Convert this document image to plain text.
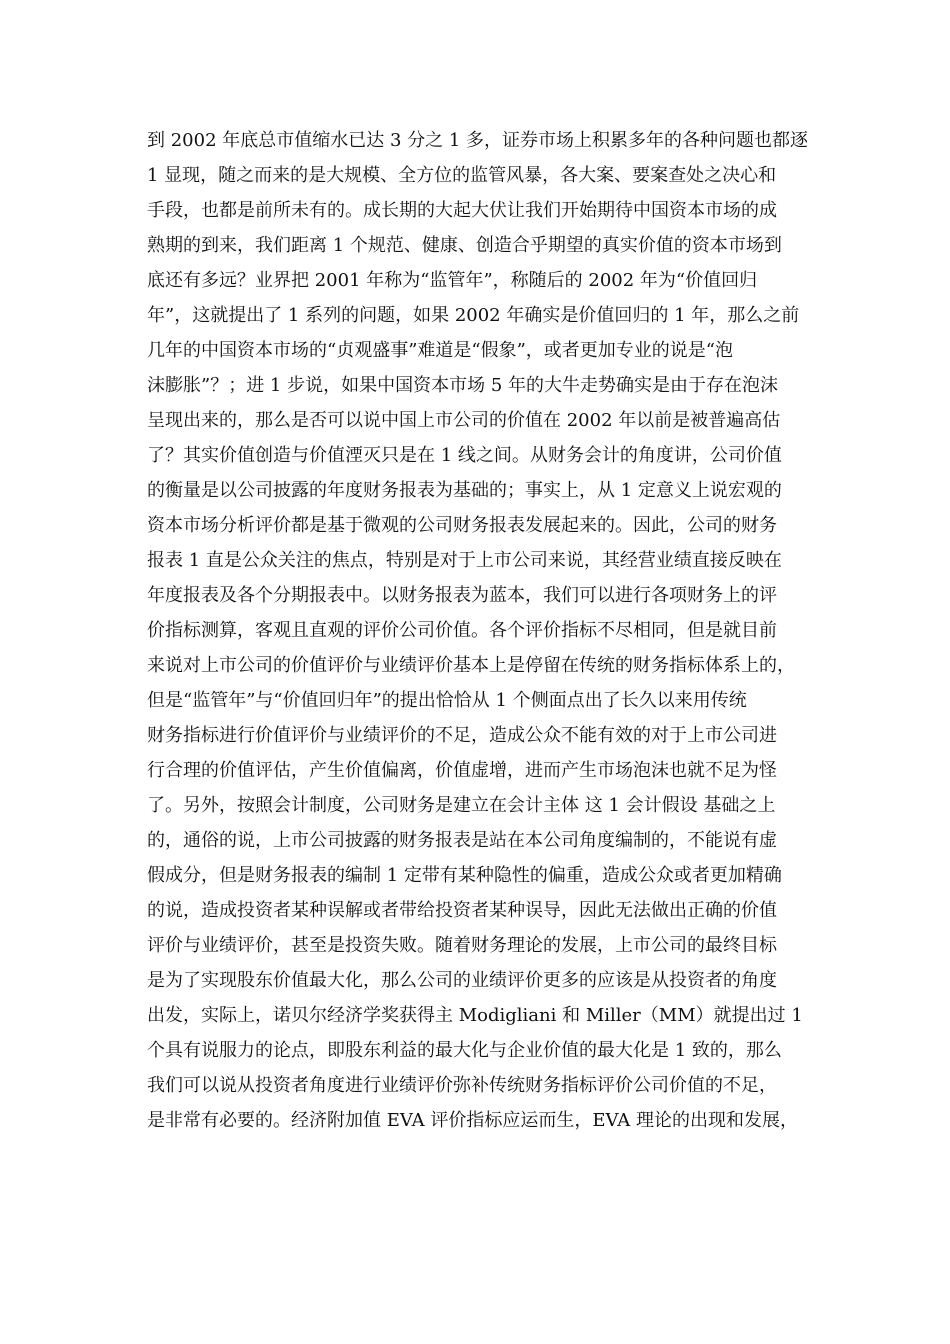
到 2002 年底总市值缩水已达 3 分之 1 多，证券市场上积累多年的各种问题也都逐
1 显现，随之而来的是大规模、全方位的监管风暴，各大案、要案查处之决心和
手段，也都是前所未有的。成长期的大起大伏让我们开始期待中国资本市场的成
熟期的到来，我们距离 1 个规范、健康、创造合乎期望的真实价值的资本市场到
底还有多远？业界把 2001 年称为“监管年”，称随后的 2002 年为“价值回归
年”，这就提出了 1 系列的问题，如果 2002 年确实是价值回归的 1 年，那么之前
几年的中国资本市场的“贞观盛事”难道是“假象”，或者更加专业的说是“泡
沫膨胀”？；进 1 步说，如果中国资本市场 5 年的大牛走势确实是由于存在泡沫
呈现出来的，那么是否可以说中国上市公司的价值在 2002 年以前是被普遍高估
了？其实价值创造与价值湮灭只是在 1 线之间。从财务会计的角度讲，公司价值
的衡量是以公司披露的年度财务报表为基础的；事实上，从 1 定意义上说宏观的
资本市场分析评价都是基于微观的公司财务报表发展起来的。因此，公司的财务
报表 1 直是公众关注的焦点，特别是对于上市公司来说，其经营业绩直接反映在
年度报表及各个分期报表中。以财务报表为蓝本，我们可以进行各项财务上的评
价指标测算，客观且直观的评价公司价值。各个评价指标不尽相同，但是就目前
来说对上市公司的价值评价与业绩评价基本上是停留在传统的财务指标体系上的，
但是“监管年”与“价值回归年”的提出恰恰从 1 个侧面点出了长久以来用传统
财务指标进行价值评价与业绩评价的不足，造成公众不能有效的对于上市公司进
行合理的价值评估，产生价值偏离，价值虚增，进而产生市场泡沫也就不足为怪
了。另外，按照会计制度，公司财务是建立在会计主体 这 1 会计假设 基础之上
的，通俗的说，上市公司披露的财务报表是站在本公司角度编制的，不能说有虚
假成分，但是财务报表的编制 1 定带有某种隐性的偏重，造成公众或者更加精确
的说，造成投资者某种误解或者带给投资者某种误导，因此无法做出正确的价值
评价与业绩评价，甚至是投资失败。随着财务理论的发展，上市公司的最终目标
是为了实现股东价值最大化，那么公司的业绩评价更多的应该是从投资者的角度
出发，实际上，诺贝尔经济学奖获得主 Modigliani 和 Miller（MM）就提出过 1
个具有说服力的论点，即股东利益的最大化与企业价值的最大化是 1 致的，那么
我们可以说从投资者角度进行业绩评价弥补传统财务指标评价公司价值的不足，
是非常有必要的。经济附加值 EVA 评价指标应运而生，EVA 理论的出现和发展，
